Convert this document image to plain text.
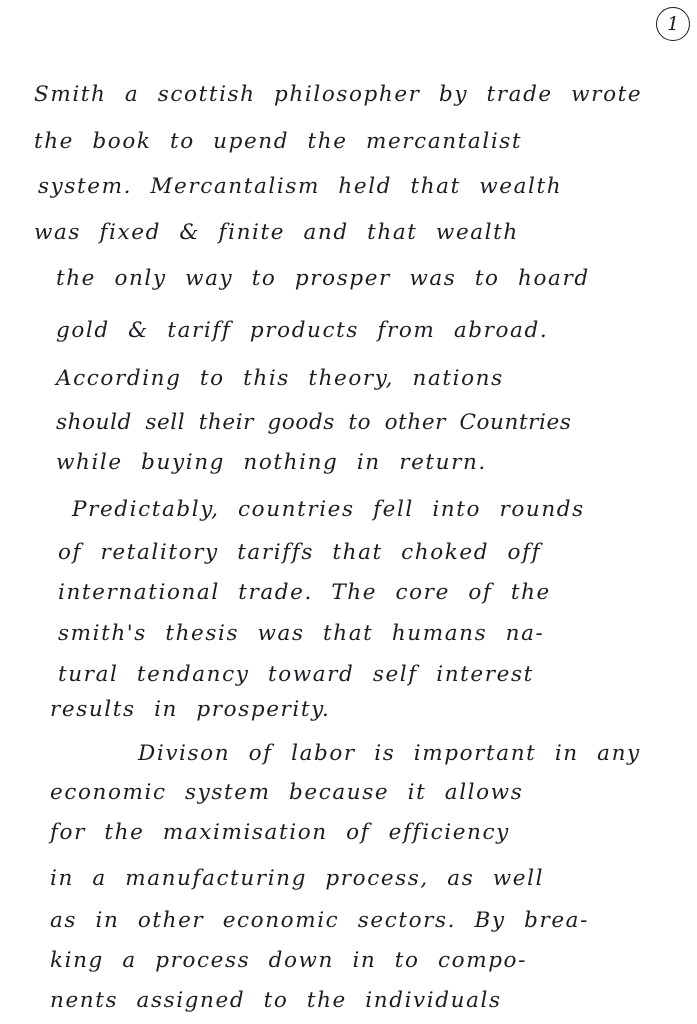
1
Smith a scottish philosopher by trade wrote
the book to upend the mercantalist
system. Mercantalism held that wealth
was fixed & finite and that wealth
the only way to prosper was to hoard
gold & tariff products from abroad.
According to this theory, nations
should sell their goods to other Countries
while buying nothing in return.
Predictably, countries fell into rounds
of retalitory tariffs that choked off
international trade. The core of the
smith's thesis was that humans na-
tural tendancy toward self interest
results in prosperity.
Divison of labor is important in any
economic system because it allows
for the maximisation of efficiency
in a manufacturing process, as well
as in other economic sectors. By brea-
king a process down in to compo-
nents assigned to the individuals
